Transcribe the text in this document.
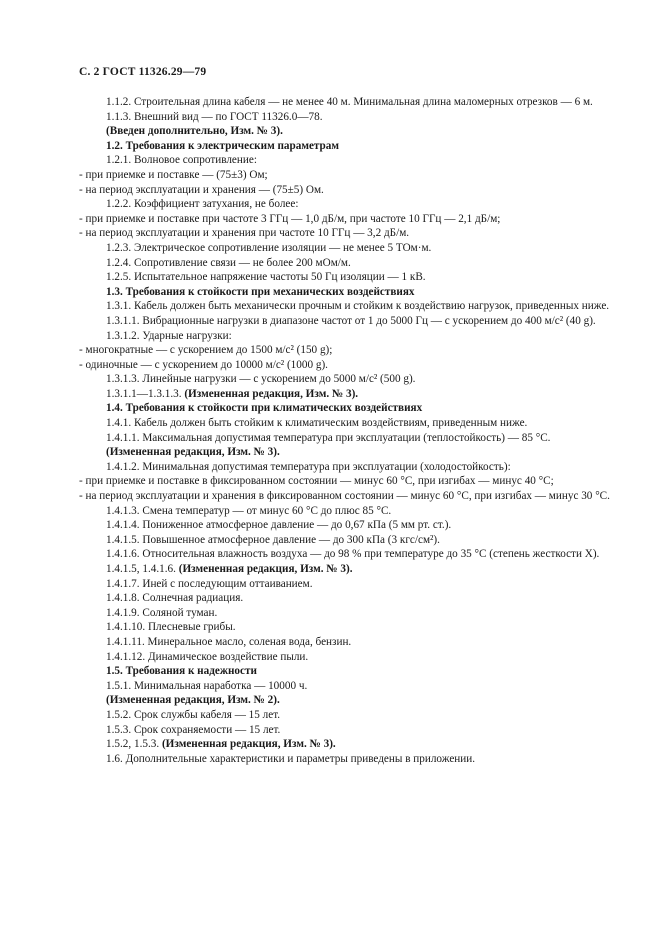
С. 2 ГОСТ 11326.29—79

1.1.2. Строительная длина кабеля — не менее 40 м. Минимальная длина маломерных отрезков — 6 м.

1.1.3. Внешний вид — по ГОСТ 11326.0—78.

(Введен дополнительно, Изм. № 3).

1.2. Требования к электрическим параметрам

1.2.1. Волновое сопротивление:

- при приемке и поставке — (75±3) Ом;

- на период эксплуатации и хранения — (75±5) Ом.

1.2.2. Коэффициент затухания, не более:

- при приемке и поставке при частоте 3 ГГц — 1,0 дБ/м, при частоте 10 ГГц — 2,1 дБ/м;

- на период эксплуатации и хранения при частоте 10 ГГц — 3,2 дБ/м.

1.2.3. Электрическое сопротивление изоляции — не менее 5 ТОм·м.

1.2.4. Сопротивление связи — не более 200 мОм/м.

1.2.5. Испытательное напряжение частоты 50 Гц изоляции — 1 кВ.

1.3. Требования к стойкости при механических воздействиях

1.3.1. Кабель должен быть механически прочным и стойким к воздействию нагрузок, приведенных ниже.

1.3.1.1. Вибрационные нагрузки в диапазоне частот от 1 до 5000 Гц — с ускорением до 400 м/с² (40 g).

1.3.1.2. Ударные нагрузки:

- многократные — с ускорением до 1500 м/с² (150 g);

- одиночные — с ускорением до 10000 м/с² (1000 g).

1.3.1.3. Линейные нагрузки — с ускорением до 5000 м/с² (500 g).

1.3.1.1—1.3.1.3. (Измененная редакция, Изм. № 3).

1.4. Требования к стойкости при климатических воздействиях

1.4.1. Кабель должен быть стойким к климатическим воздействиям, приведенным ниже.

1.4.1.1. Максимальная допустимая температура при эксплуатации (теплостойкость) — 85 °С.

(Измененная редакция, Изм. № 3).

1.4.1.2. Минимальная допустимая температура при эксплуатации (холодостойкость):

- при приемке и поставке в фиксированном состоянии — минус 60 °С, при изгибах — минус 40 °С;

- на период эксплуатации и хранения в фиксированном состоянии — минус 60 °С, при изгибах — минус 30 °С.

1.4.1.3. Смена температур — от минус 60 °С до плюс 85 °С.

1.4.1.4. Пониженное атмосферное давление — до 0,67 кПа (5 мм рт. ст.).

1.4.1.5. Повышенное атмосферное давление — до 300 кПа (3 кгс/см²).

1.4.1.6. Относительная влажность воздуха — до 98 % при температуре до 35 °С (степень жесткости X).

1.4.1.5, 1.4.1.6. (Измененная редакция, Изм. № 3).

1.4.1.7. Иней с последующим оттаиванием.

1.4.1.8. Солнечная радиация.

1.4.1.9. Соляной туман.

1.4.1.10. Плесневые грибы.

1.4.1.11. Минеральное масло, соленая вода, бензин.

1.4.1.12. Динамическое воздействие пыли.

1.5. Требования к надежности

1.5.1. Минимальная наработка — 10000 ч.

(Измененная редакция, Изм. № 2).

1.5.2. Срок службы кабеля — 15 лет.

1.5.3. Срок сохраняемости — 15 лет.

1.5.2, 1.5.3. (Измененная редакция, Изм. № 3).

1.6. Дополнительные характеристики и параметры приведены в приложении.
